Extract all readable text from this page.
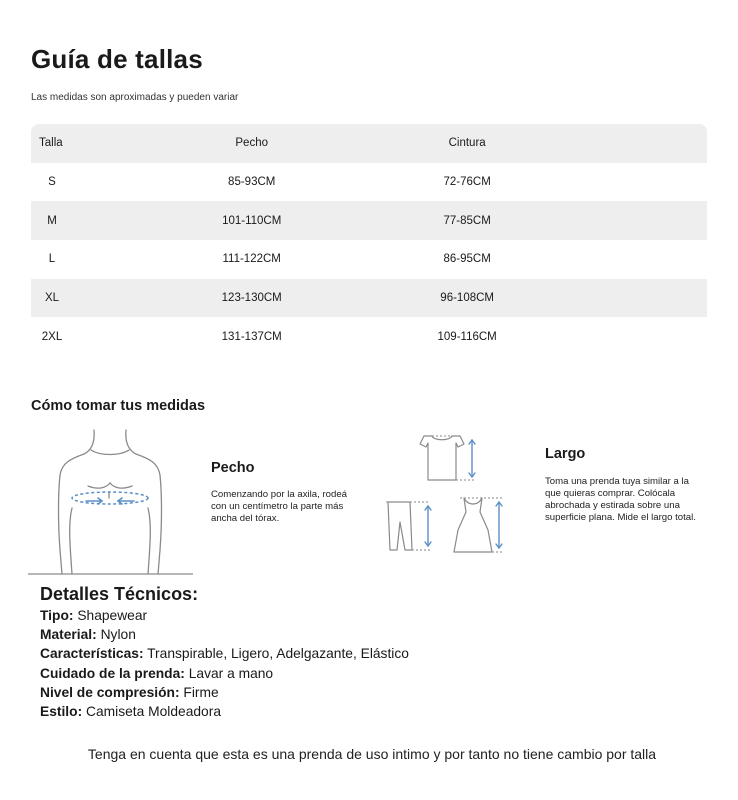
Guía de tallas
Las medidas son aproximadas y pueden variar
Talla	Pecho	Cintura	
S	85-93CM	72-76CM	
M	101-110CM	77-85CM	
L	111-122CM	86-95CM	
XL	123-130CM	96-108CM	
2XL	131-137CM	109-116CM	
Cómo tomar tus medidas
Pecho
Comenzando por la axila, rodeá con un centímetro la parte más ancha del tórax.
Largo
Toma una prenda tuya similar a la que quieras comprar. Colócala abrochada y estirada sobre una superficie plana. Mide el largo total.
Detalles Técnicos:
Tipo: Shapewear
Material: Nylon
Características: Transpirable, Ligero, Adelgazante, Elástico
Cuidado de la prenda: Lavar a mano
Nivel de compresión: Firme
Estilo: Camiseta Moldeadora
Tenga en cuenta que esta es una prenda de uso intimo y por tanto no tiene cambio por talla
